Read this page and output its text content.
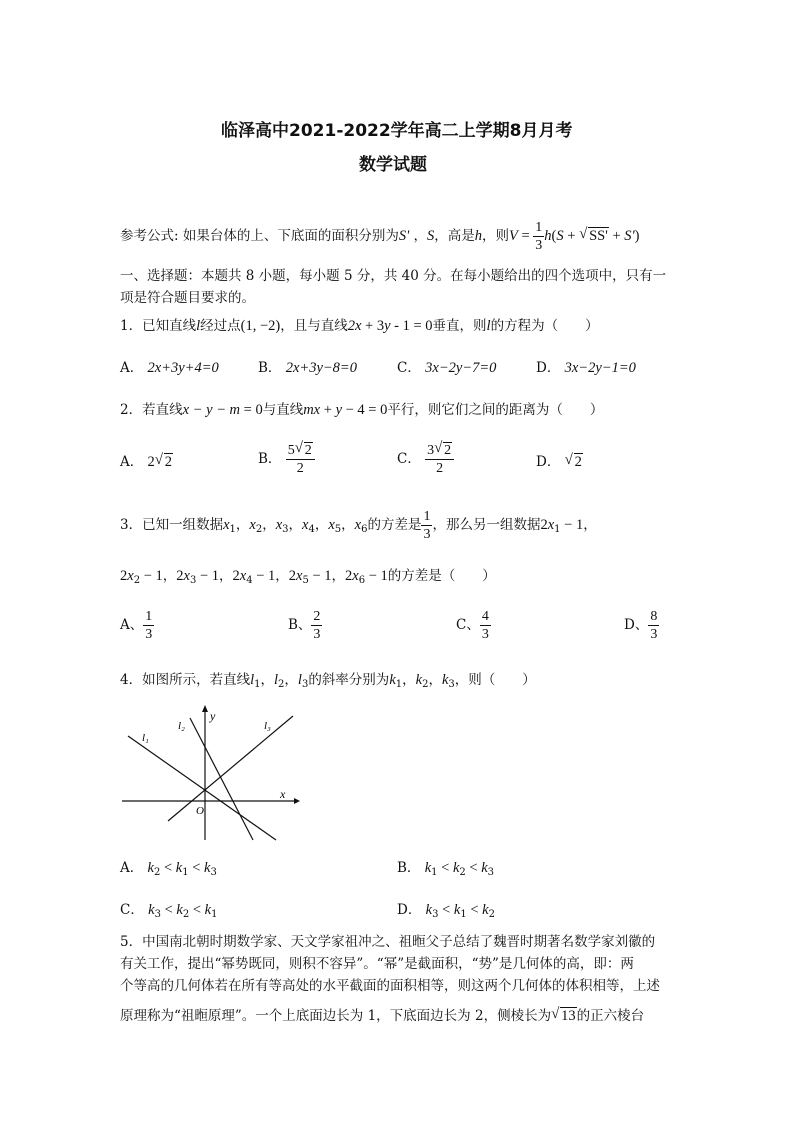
临泽高中2021-2022学年高二上学期8月月考
数学试题
参考公式: 如果台体的上、下底面的面积分别为S' ，S，高是h，则$V = \frac{1}{3} h(S$ + √ SS' + S')
一、选择题：本题共 8 小题，每小题 5 分，共 40 分。在每小题给出的四个选项中，只有一
项是符合题目要求的。
1．已知直线l经过点(1, −2)，且与直线2x + 3y - 1 = 0垂直，则l的方程为（　　）
A． 2x+3y+4=0	B． 2x+3y−8=0	C． 3x−2y−7=0	D． 3x−2y−1=0
2．若直线x − y − m = 0与直线mx + y − 4 = 0平行，则它们之间的距离为（　　）
A． 2 √ 2	B． $\frac{5 √ 2}{2}$	C． $\frac{3 √ 2}{2}$	D． √ 2
3．已知一组数据$x_1$，$x_2$，$x_3$，$x_4$，$x_5$，$x_6$的方差是 $\frac{1}{3}$ ，那么另一组数据$2x_1 - 1$，
$2x_2 - 1$，$2x_3 - 1$，$2x_4 - 1$，$2x_5 - 1$，$2x_6 - 1$的方差是（　　）
A、 $\frac{1}{3}$	B、 $\frac{2}{3}$	C、 $\frac{4}{3}$	D、 $\frac{8}{3}$
4．如图所示，若直线$l_1$，$l_2$，$l_3$的斜率分别为$k_1$，$k_2$，$k_3$，则（　　）
l₁
l₂	l₃
x
y
O
A． $k_2 < k_1 < k_3$	B． $k_1 < k_2 < k_3$
C． $k_3 < k_2 < k_1$	D． $k_3 < k_1 < k_2$
5．中国南北朝时期数学家、天文学家祖冲之、祖暅父子总结了魏晋时期著名数学家刘徽的
有关工作，提出“幂势既同，则积不容异”。“幂”是截面积，“势”是几何体的高，即：两
个等高的几何体若在所有等高处的水平截面的面积相等，则这两个几何体的体积相等，上述
原理称为“祖暅原理”。一个上底面边长为 1，下底面边长为 2，侧棱长为 √ 13的正六棱台
